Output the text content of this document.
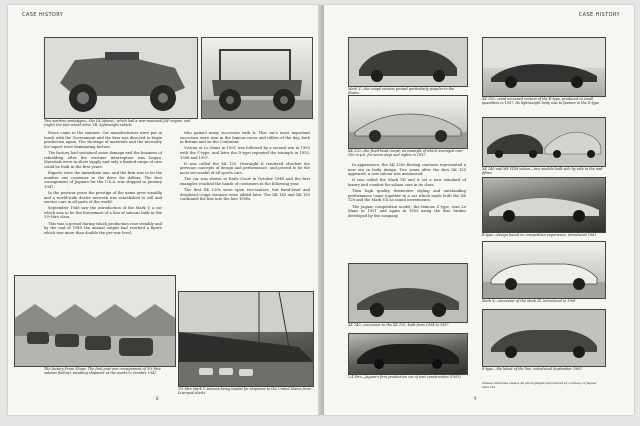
CASE HISTORY
Two wartime prototypes—the VA (above), which had a rear-mounted JAP engine, and (right) the four-wheel-drive VB, lightweight vehicle

Peace came in the summer. Car manufacturers were put in touch with the Government and the firm was directed to begin production again. The shortage of materials and the necessity for export were dominating factors.

The factory had sustained some damage and the business of rebuilding after the wartime interruption was begun. Materials were in short supply and only a limited range of cars could be built in the first years.

Exports were the immediate aim, and the firm was to be the number one customer in the drive for dollars. The first consignment of Jaguars for the U.S.A. was shipped in January 1947.

In the postwar years the prestige of the name grew steadily and a world-wide dealer network was established to sell and service cars in all parts of the world.

September 1948 saw the introduction of the Mark V, a car which was to be the forerunner of a line of saloons built in the 3½-litre class.

This was a period during which production rose steadily and by the end of 1949 the annual output had reached a figure which was more than double the pre-war level.

who gained many successes with it. This car's most important successes were won in the famous races and rallies of the day, both in Britain and on the Continent.

Victory at Le Mans in 1951 was followed by a second win in 1953 with the C-type, and later the D-type repeated the triumph in 1955, 1956 and 1957.

It was called the XK 120. Overnight it rendered obsolete the previous concepts of design and performance, and proved to be the most successful of all sports cars.

The car was shown at Earls Court in October 1948 and the first examples reached the hands of customers in the following year.

The first XK 120s were open two-seaters, but fixed-head and drophead coupé versions were added later. The XK 140 and XK 150 continued the line into the late 1950s.

The factory Press Shops. The first post-war consignment of 3½-litre saloons (below), awaiting shipment at the works in October 1947
3½-litre Mark V saloons being loaded for shipment to the United States from Liverpool docks
8
CASE HISTORY
Mark V—the coupé version proved particularly popular in the States
XK 120—the fixed-head coupé, an example of which averaged over 100 m.p.h. for seven days and nights in 1952

In appearance, the XK 120s flowing contours represented a new era in body design. Two years after the first XK 120 appeared, a new saloon was announced.

It was called the Mark VII and it set a new standard of luxury and comfort for saloon cars in its class.

Then high quality, distinctive styling and outstanding performance came together in a car which made both the XK 120 and the Mark VII as sound investments.

The Jaguar competition model, the famous C-type, won Le Mans in 1951 and again in 1953 using the disc brakes developed by the company.

XK 140—successor to the XK 120, built from 1954 to 1957
2.4 litre—Jaguar's first production car of unit construction (1955)
XK 150—wind-screened version of the E-type, produced in small quantities in 1957. Its lightweight body was to feature in the D-type
XK 140 and Mk VIIM saloon—two models built side by side in the mid-fifties
E-type—design based on competition experience, introduced 1961
Mark X—successor of the Mark IX, introduced in 1961
S-type—the latest of the line, introduced September 1963
Unless otherwise stated, all photographs reproduced by courtesy of Jaguar Cars Ltd
9
